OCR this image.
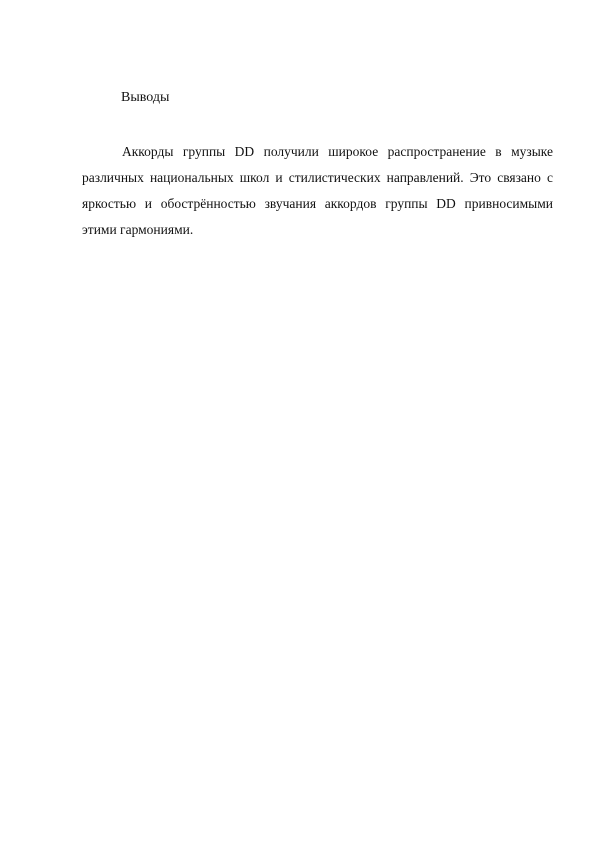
Выводы
Аккорды группы DD получили широкое распространение в музыке
различных национальных школ и стилистических направлений. Это связано с
яркостью и обострённостью звучания аккордов группы DD привносимыми
этими гармониями.
